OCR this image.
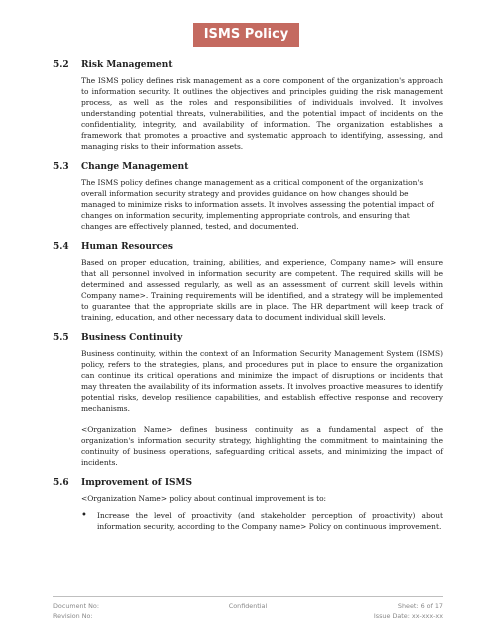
ISMS Policy
5.2	Risk Management

The ISMS policy defines risk management as a core component of the organization's approach to information security. It outlines the objectives and principles guiding the risk management process, as well as the roles and responsibilities of individuals involved. It involves understanding potential threats, vulnerabilities, and the potential impact of incidents on the confidentiality, integrity, and availability of information. The organization establishes a framework that promotes a proactive and systematic approach to identifying, assessing, and managing risks to their information assets.

5.3	Change Management

The ISMS policy defines change management as a critical component of the organization's overall information security strategy and provides guidance on how changes should be managed to minimize risks to information assets. It involves assessing the potential impact of changes on information security, implementing appropriate controls, and ensuring that changes are effectively planned, tested, and documented.

5.4	Human Resources

Based on proper education, training, abilities, and experience, Company name> will ensure that all personnel involved in information security are competent. The required skills will be determined and assessed regularly, as well as an assessment of current skill levels within Company name>. Training requirements will be identified, and a strategy will be implemented to guarantee that the appropriate skills are in place. The HR department will keep track of training, education, and other necessary data to document individual skill levels.

5.5	Business Continuity

Business continuity, within the context of an Information Security Management System (ISMS) policy, refers to the strategies, plans, and procedures put in place to ensure the organization can continue its critical operations and minimize the impact of disruptions or incidents that may threaten the availability of its information assets. It involves proactive measures to identify potential risks, develop resilience capabilities, and establish effective response and recovery mechanisms.

<Organization Name> defines business continuity as a fundamental aspect of the organization's information security strategy, highlighting the commitment to maintaining the continuity of business operations, safeguarding critical assets, and minimizing the impact of incidents.

5.6	Improvement of ISMS

<Organization Name> policy about continual improvement is to:

•	Increase the level of proactivity (and stakeholder perception of proactivity) about information security, according to the Company name> Policy on continuous improvement.
Document No:	Confidential	Sheet: 6 of 17
Revision No:	Issue Date: xx-xxx-xx
